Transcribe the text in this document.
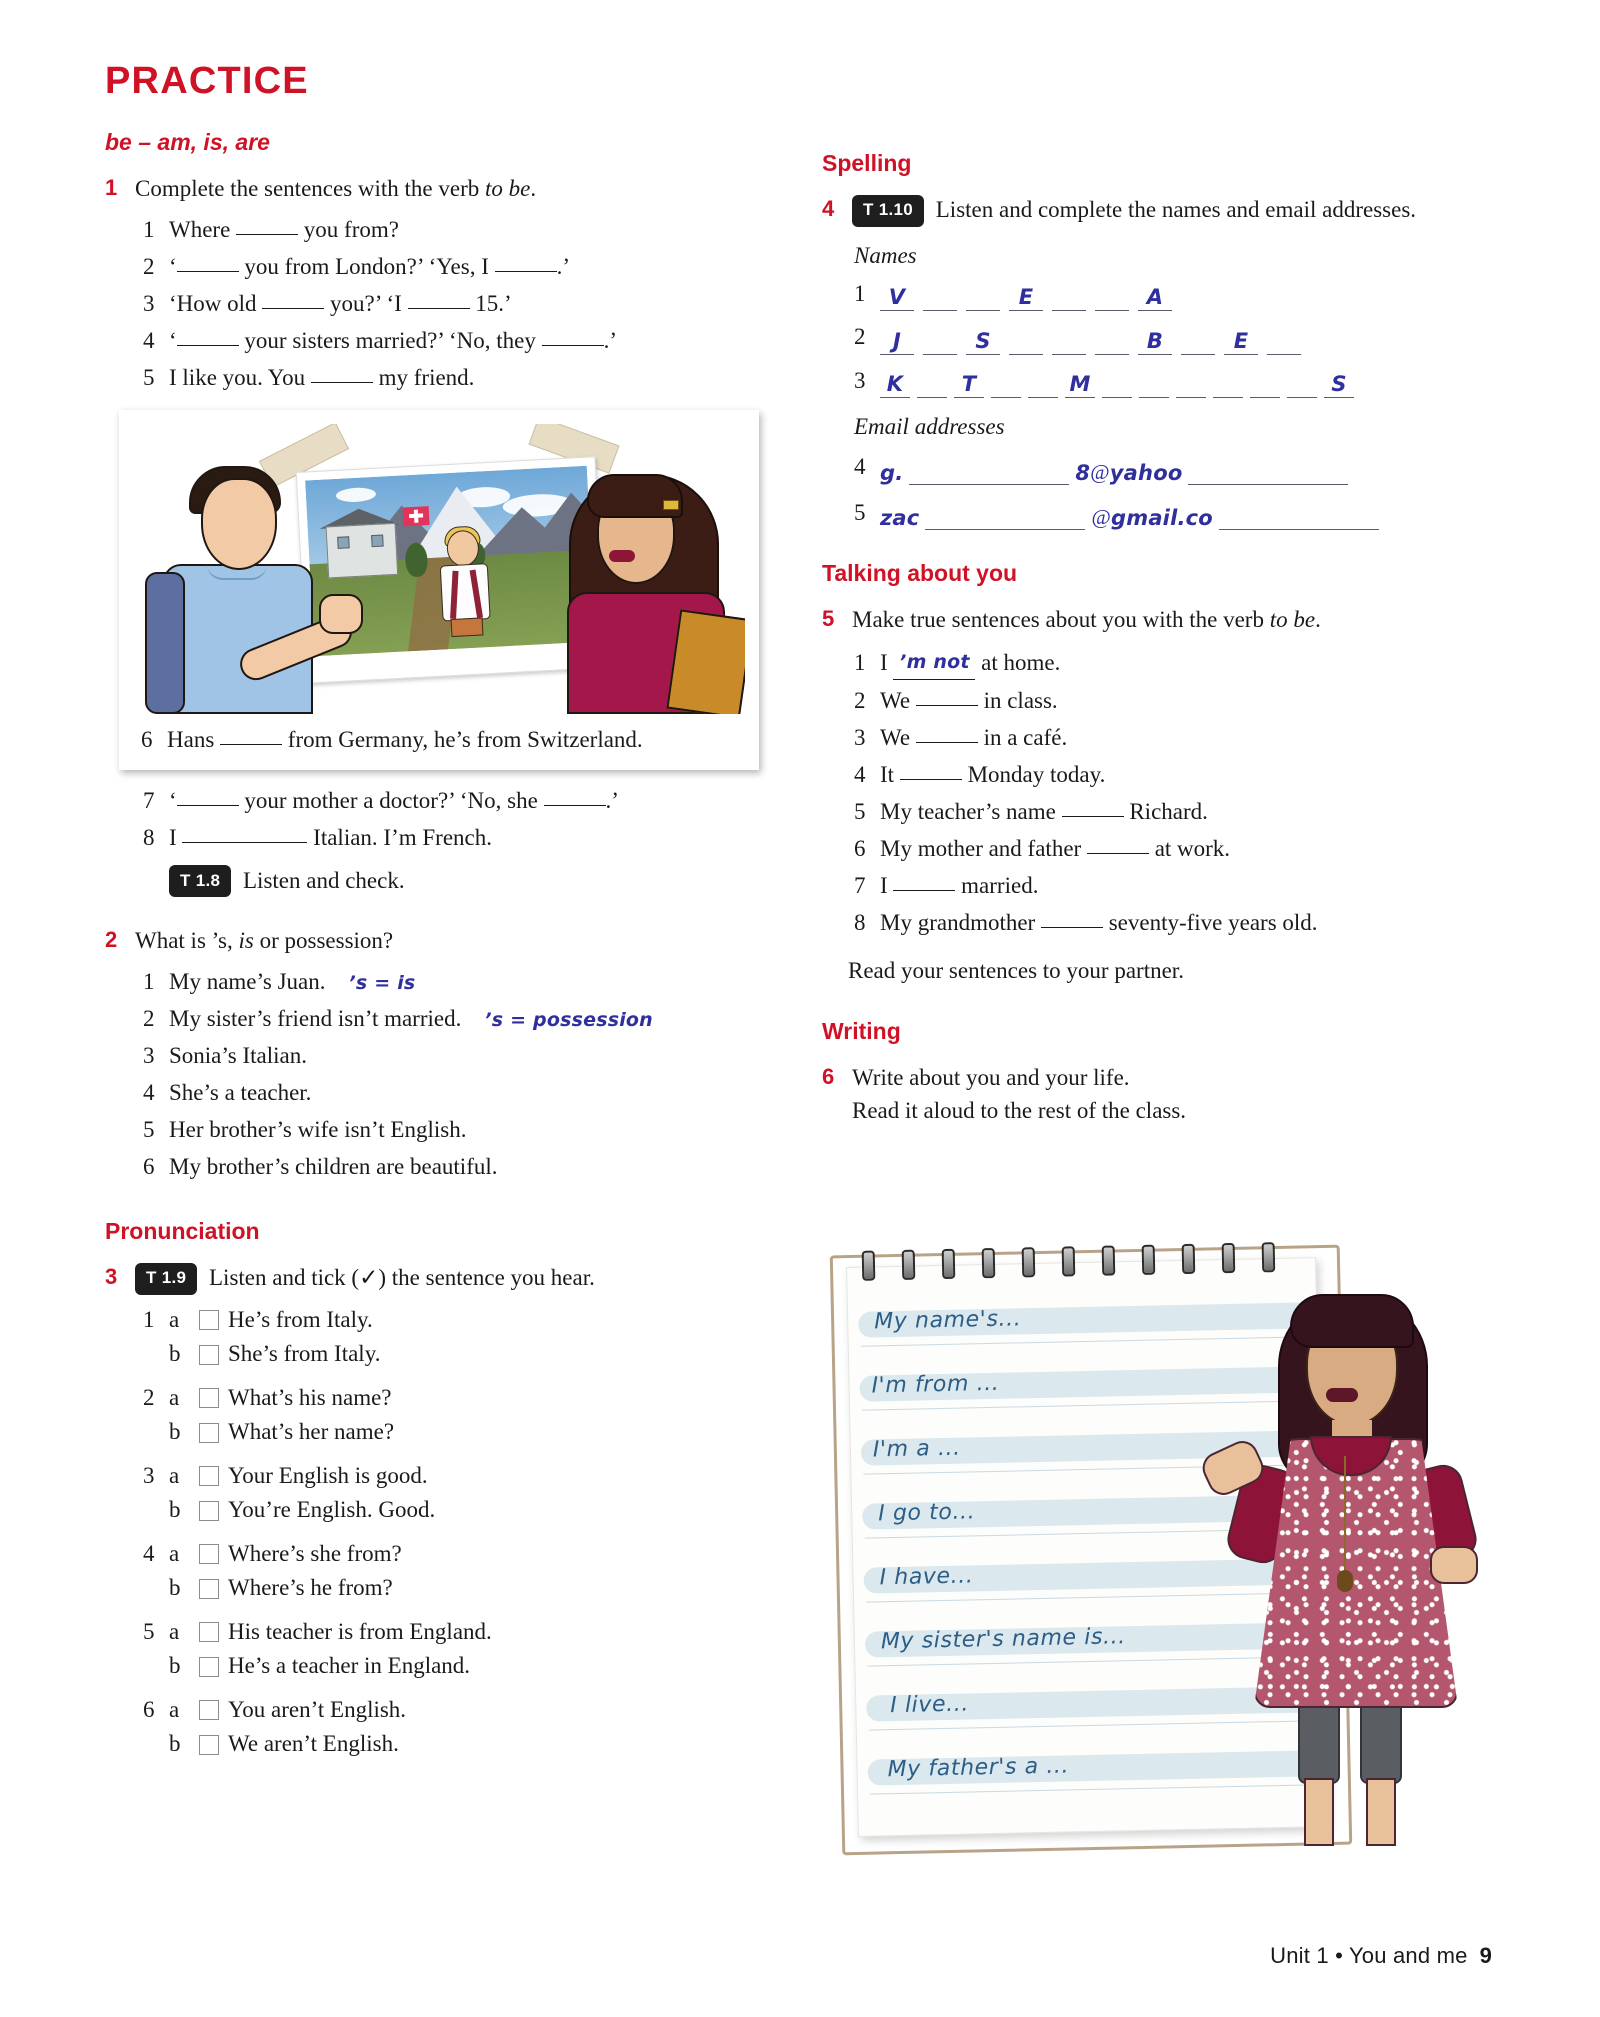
PRACTICE
be – am, is, are
1 Complete the sentences with the verb to be.
1 Where	you from?
2 ‘	you from London?’ ‘Yes, I	.’
3 ‘How old	you?’ ‘I	15.’
4 ‘	your sisters married?’ ‘No, they	.’
5 I like you. You	my friend.
6 Hans	from Germany, he’s from Switzerland.
7 ‘	your mother a doctor?’ ‘No, she	.’
8 I	Italian. I’m French.
T 1.8 Listen and check.
2 What is ’s, is or possession?
1 My name’s Juan. ’s = is
2 My sister’s friend isn’t married. ’s = possession
3 Sonia’s Italian.
4 She’s a teacher.
5 Her brother’s wife isn’t English.
6 My brother’s children are beautiful.
Pronunciation
3	T 1.9 Listen and tick (✓) the sentence you hear.
1 a	He’s from Italy.
b	She’s from Italy.
2 a	What’s his name?
b	What’s her name?
3 a	Your English is good.
b	You’re English. Good.
4 a	Where’s she from?
b	Where’s he from?
5 a	His teacher is from England.
b	He’s a teacher in England.
6 a	You aren’t English.
b	We aren’t English.
Spelling
4	T 1.10 Listen and complete the names and email addresses.
Names
1	V	E	A
2	J	S	B	E
3	K	T	M	S
Email addresses
4 g.	8 @ yahoo
5 zac	@ gmail.co
Talking about you
5 Make true sentences about you with the verb to be.
1 I ’m not at home.
2 We	in class.
3 We	in a café.
4 It	Monday today.
5 My teacher’s name	Richard.
6 My mother and father	at work.
7 I	married.
8 My grandmother	seventy-five years old.
Read your sentences to your partner.
Writing
6 Write about you and your life.
Read it aloud to the rest of the class.
My name's...
I'm from ...
I'm a ...
I go to...
I have...
My sister's name is...
I live...
My father's a ...
Unit 1 • You and me 9
